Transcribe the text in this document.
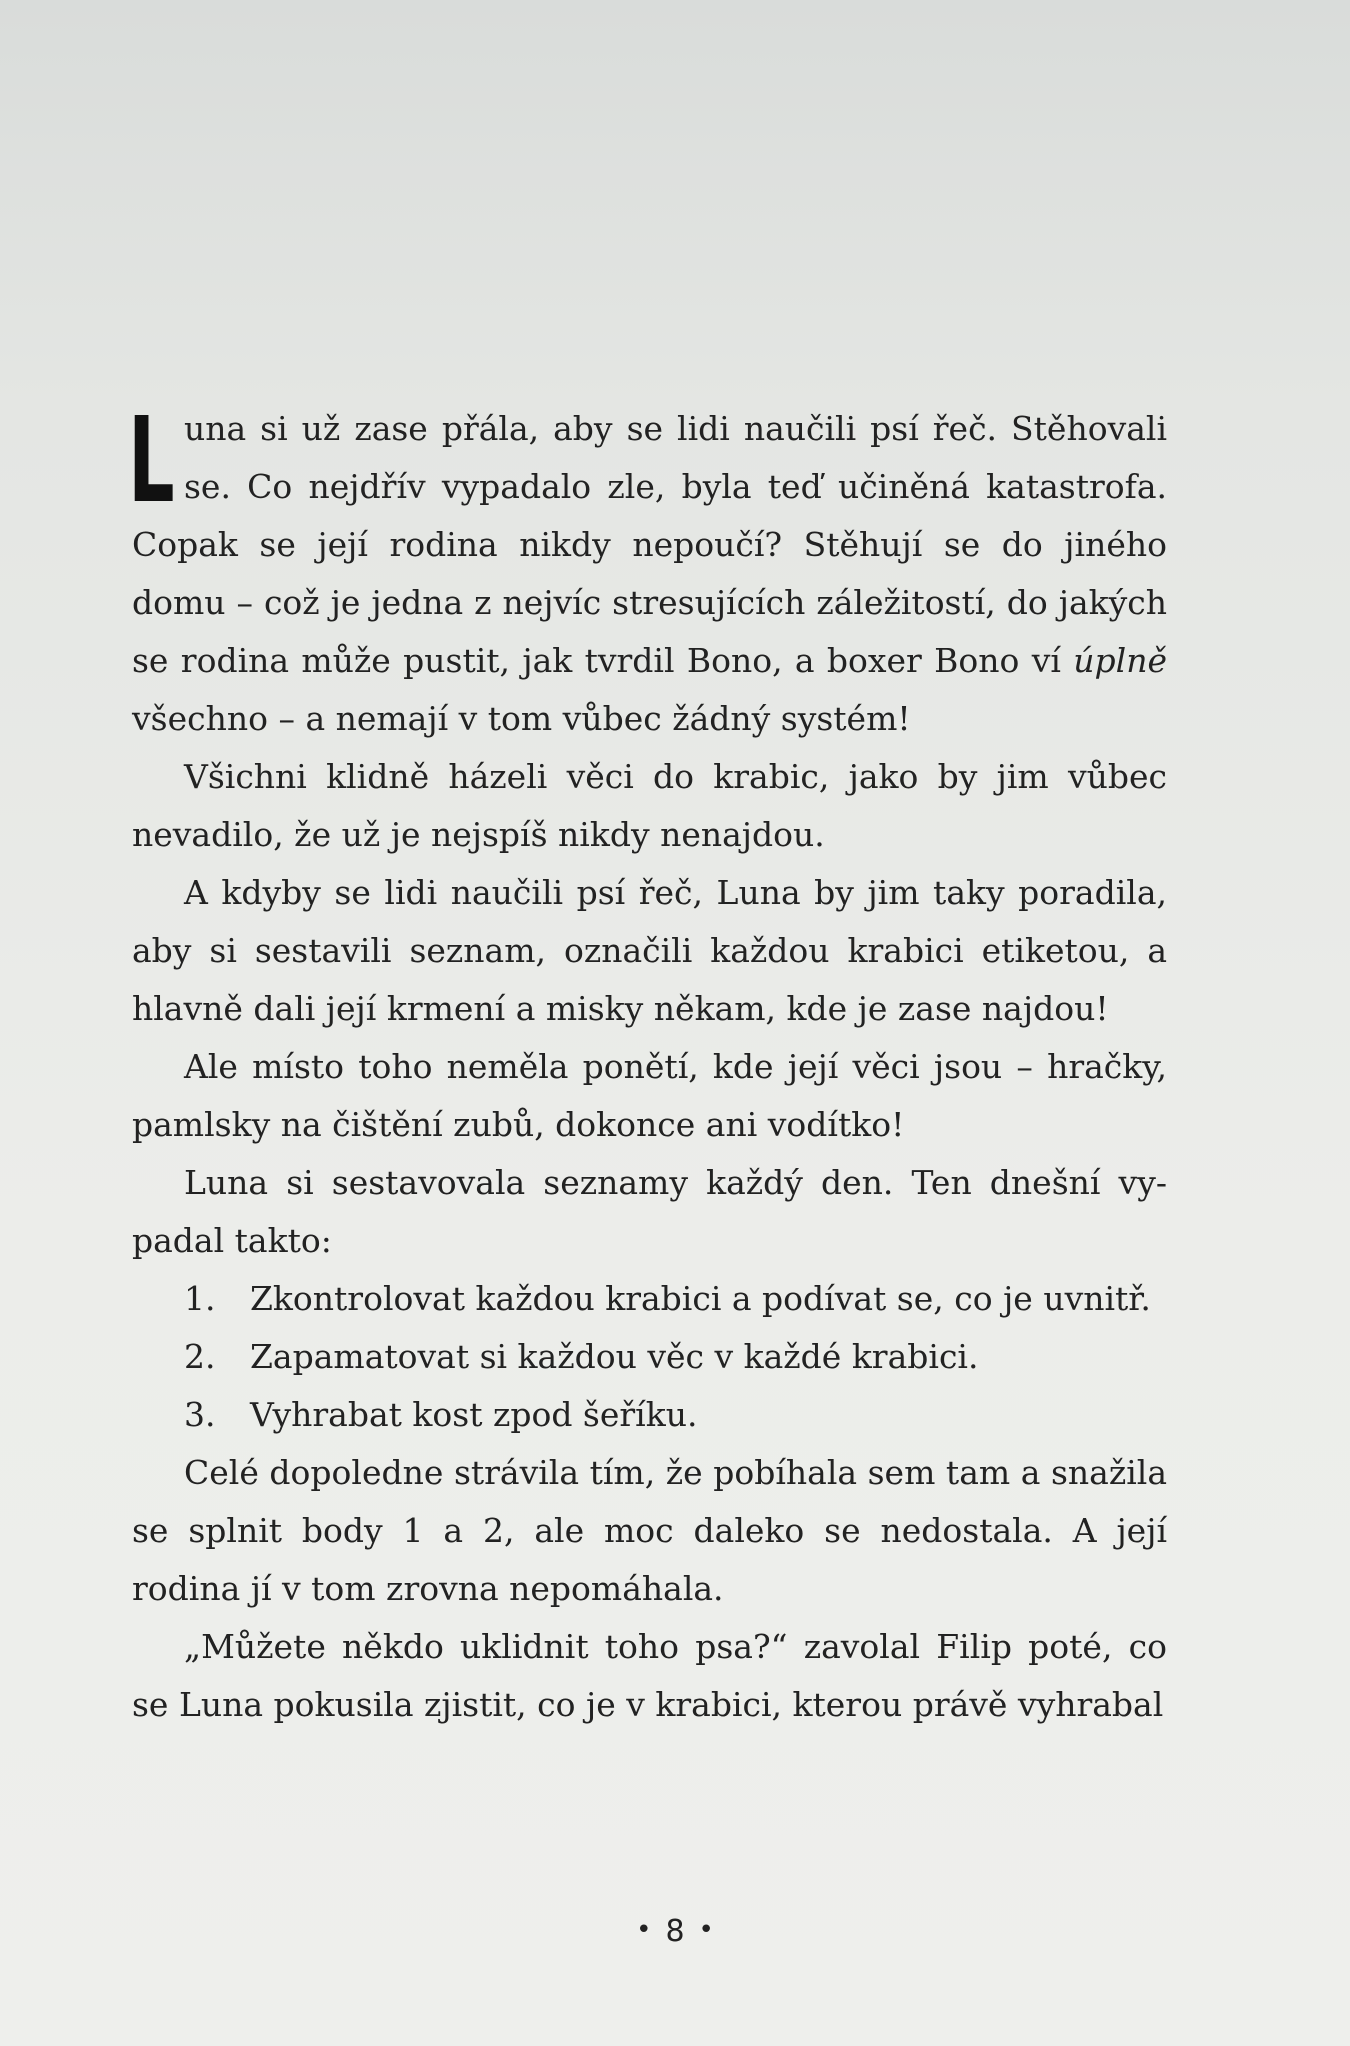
Luna si už zase přála, aby se lidi naučili psí řeč. Stěhovali se. Co nejdřív vypadalo zle, byla teď učiněná katastrofa. Copak se její rodina nikdy nepoučí? Stěhují se do jiného domu – což je jedna z nejvíc stresujících záležitostí, do jakých se rodina může pustit, jak tvrdil Bono, a boxer Bono ví úplně všechno – a nemají v tom vůbec žádný systém!

Všichni klidně házeli věci do krabic, jako by jim vůbec nevadilo, že už je nejspíš nikdy nenajdou.

A kdyby se lidi naučili psí řeč, Luna by jim taky poradila, aby si sestavili seznam, označili každou krabici etiketou, a hlavně dali její krmení a misky někam, kde je zase najdou!

Ale místo toho neměla ponětí, kde její věci jsou – hračky, pamlsky na čištění zubů, dokonce ani vodítko!

Luna si sestavovala seznamy každý den. Ten dnešní vypadal takto:

1.	Zkontrolovat každou krabici a podívat se, co je uvnitř.
2.	Zapamatovat si každou věc v každé krabici.
3.	Vyhrabat kost zpod šeříku.

Celé dopoledne strávila tím, že pobíhala sem tam a snažila se splnit body 1 a 2, ale moc daleko se nedostala. A její rodina jí v tom zrovna nepomáhala.

„Můžete někdo uklidnit toho psa?“ zavolal Filip poté, co se Luna pokusila zjistit, co je v krabici, kterou právě vyhrabal

• 8 •
